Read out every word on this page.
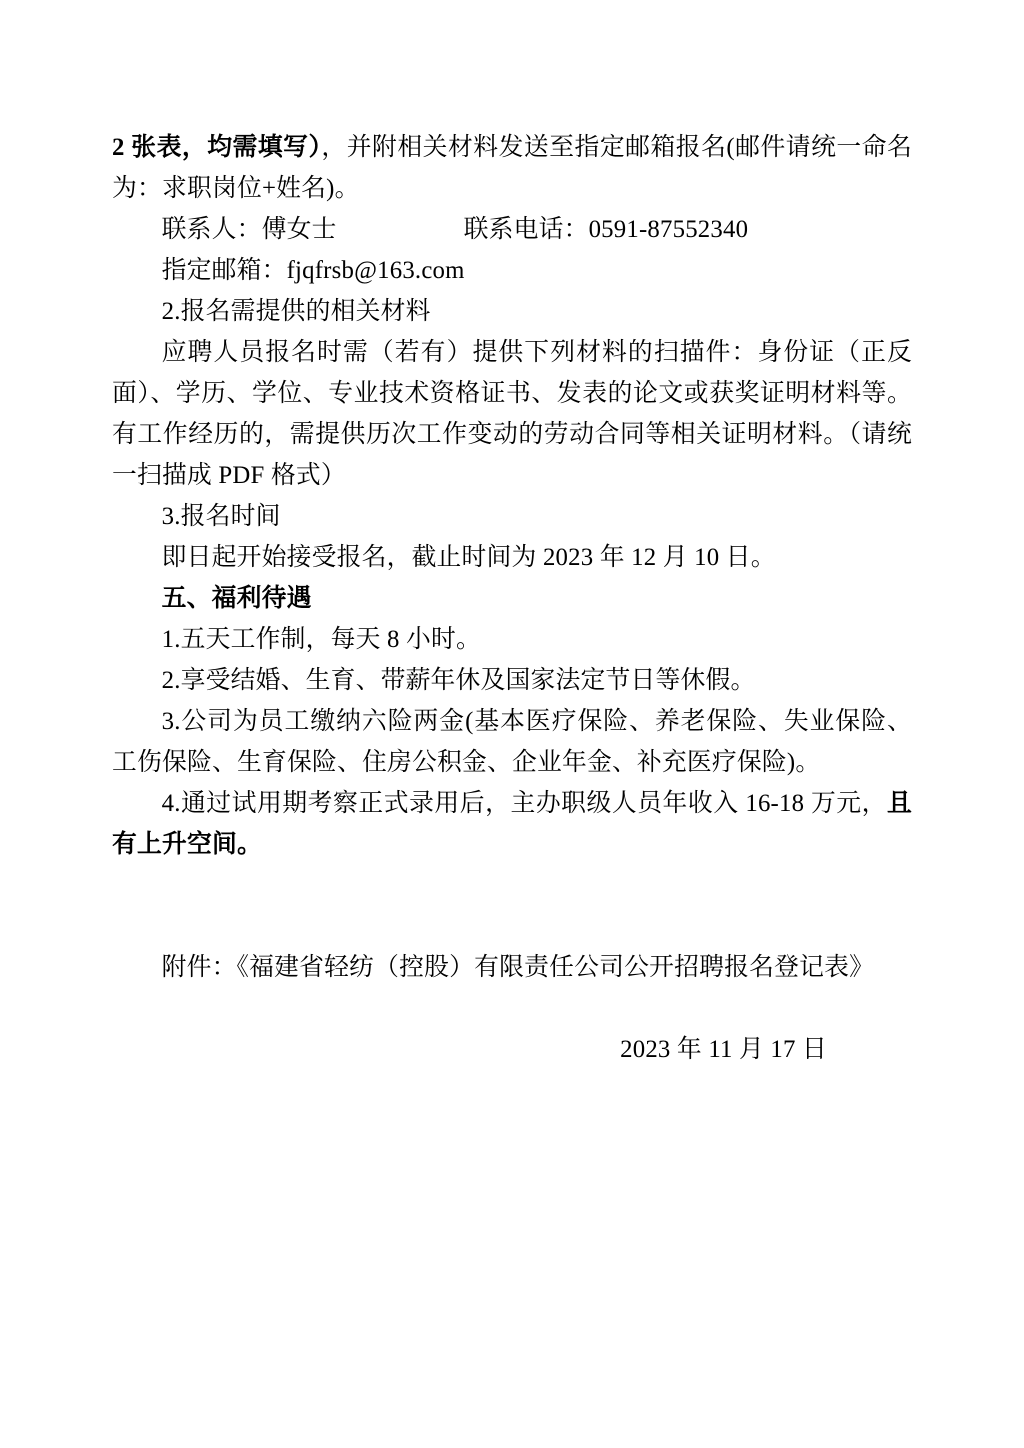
2 张表，均需填写），并附相关材料发送至指定邮箱报名(邮件请统一命名为：求职岗位+姓名)。
联系人：傅女士	联系电话：0591-87552340
指定邮箱：fjqfrsb@163.com
2.报名需提供的相关材料
应聘人员报名时需（若有）提供下列材料的扫描件：身份证（正反面）、学历、学位、专业技术资格证书、发表的论文或获奖证明材料等。有工作经历的，需提供历次工作变动的劳动合同等相关证明材料。（请统一扫描成 PDF 格式）
3.报名时间
即日起开始接受报名，截止时间为 2023 年 12 月 10 日。
五、福利待遇
1.五天工作制，每天 8 小时。
2.享受结婚、生育、带薪年休及国家法定节日等休假。
3.公司为员工缴纳六险两金(基本医疗保险、养老保险、失业保险、工伤保险、生育保险、住房公积金、企业年金、补充医疗保险)。
4.通过试用期考察正式录用后，主办职级人员年收入 16-18 万元，且有上升空间。
附件：《福建省轻纺（控股）有限责任公司公开招聘报名登记表》
2023 年 11 月 17 日
